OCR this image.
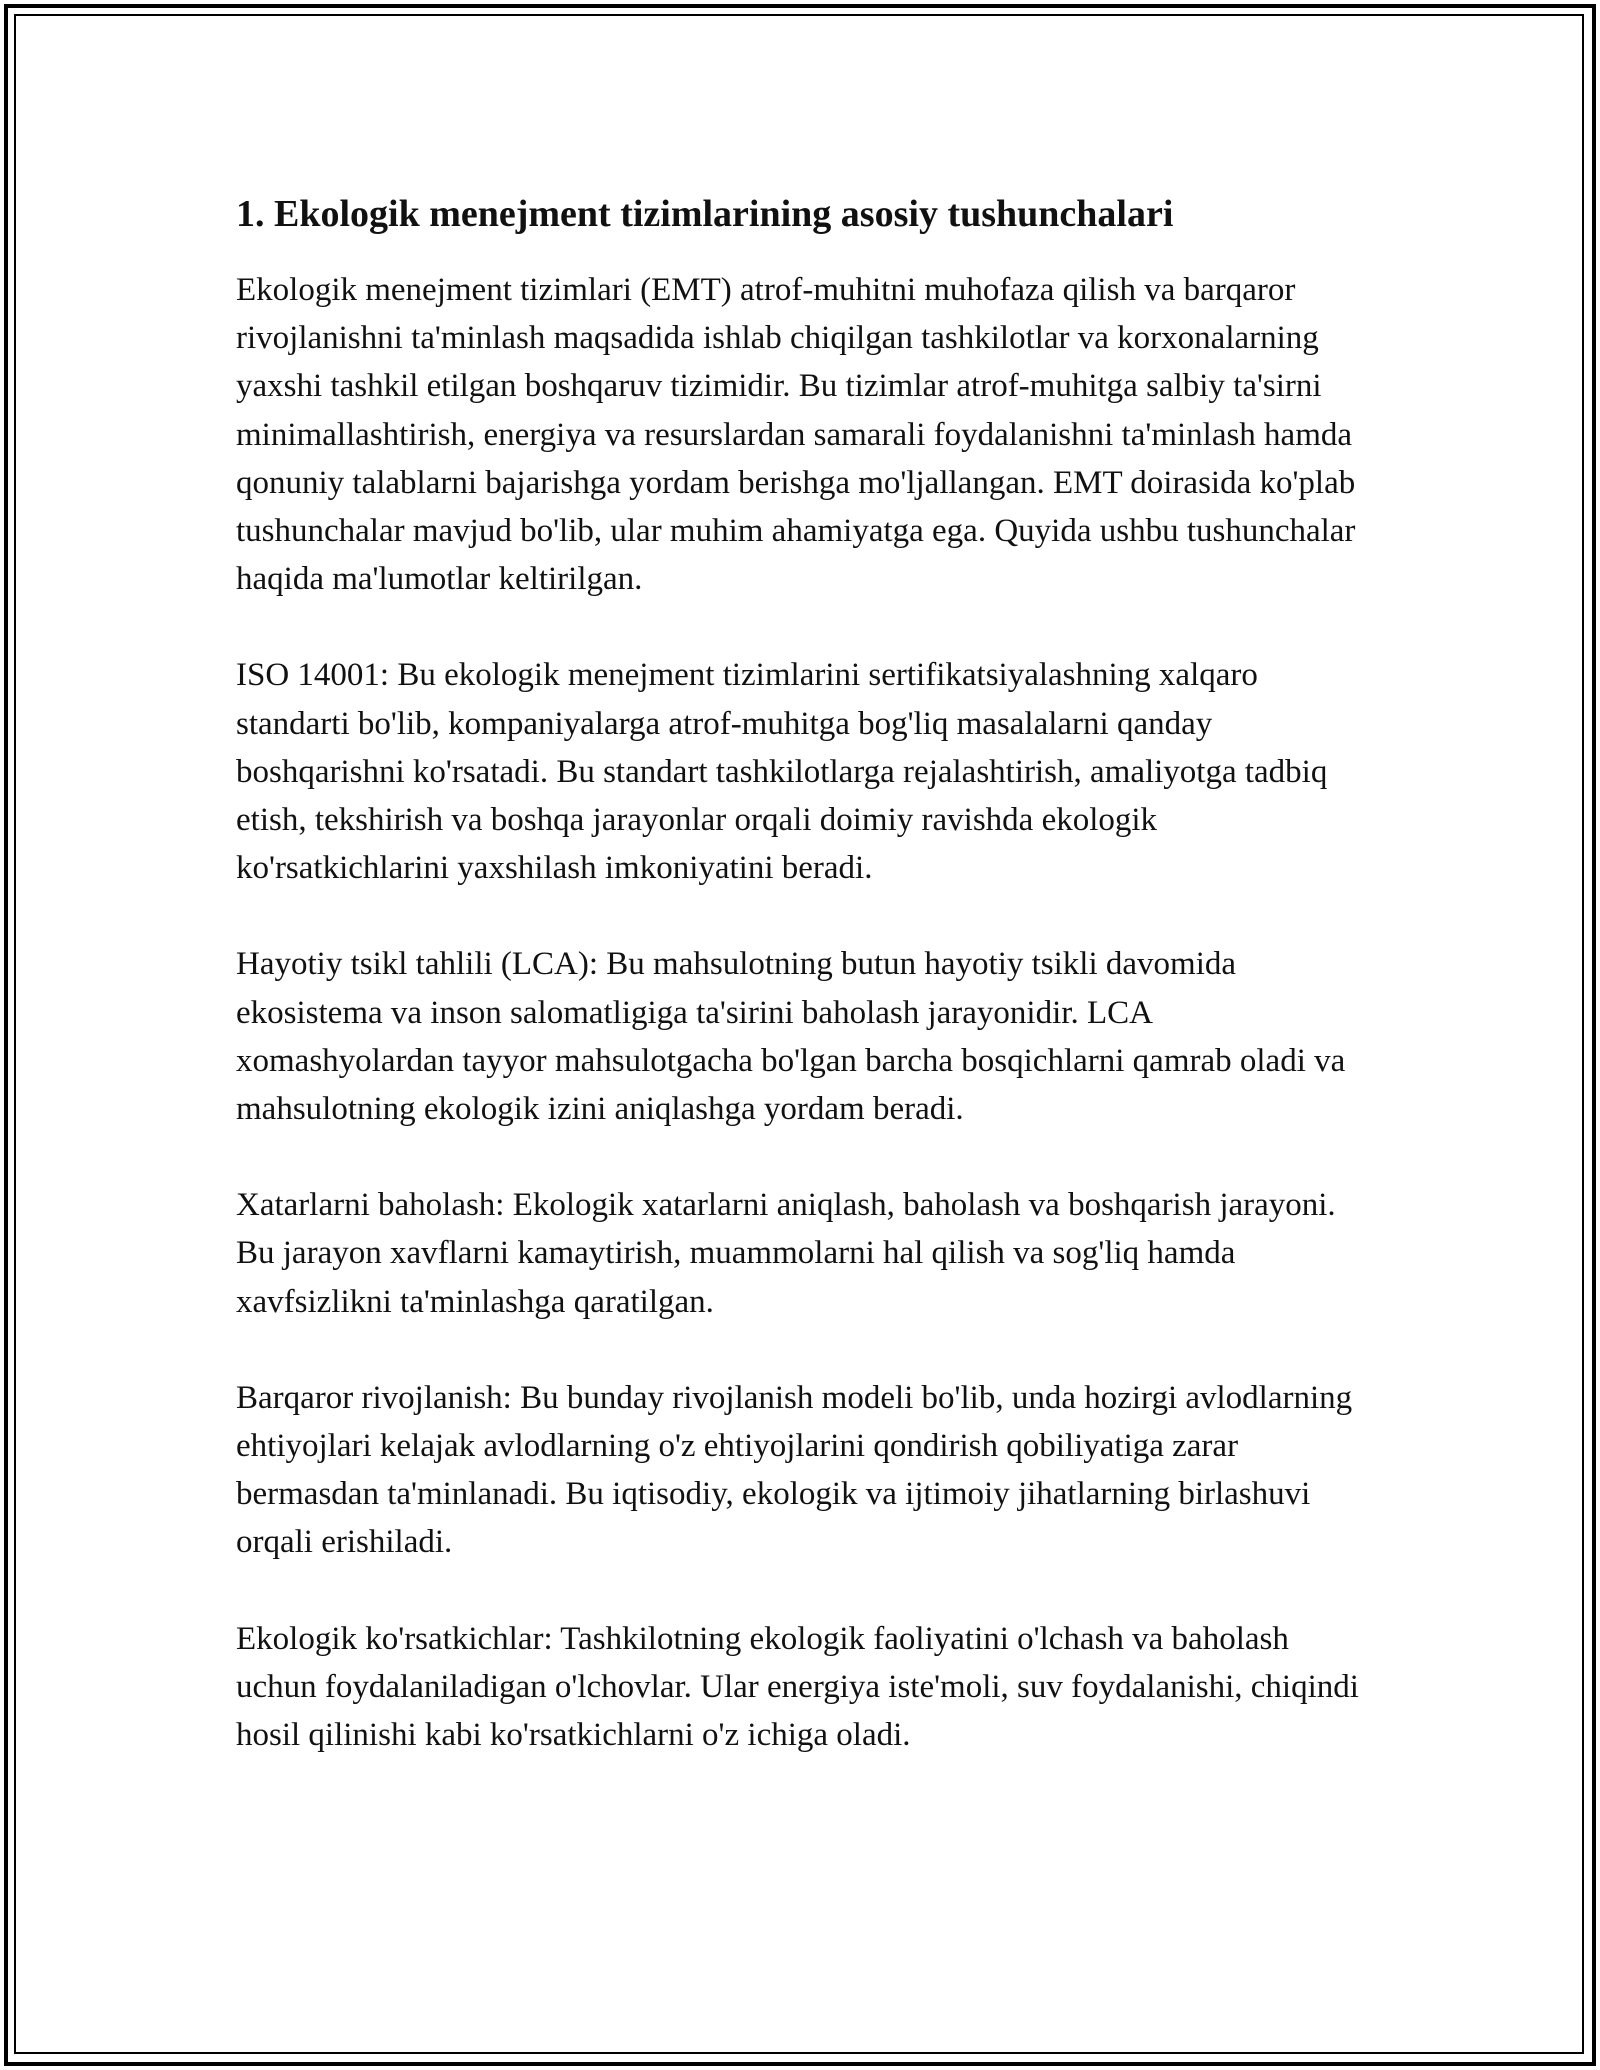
1. Ekologik menejment tizimlarining asosiy tushunchalari

Ekologik menejment tizimlari (EMT) atrof-muhitni muhofaza qilish va barqaror rivojlanishni ta'minlash maqsadida ishlab chiqilgan tashkilotlar va korxonalarning yaxshi tashkil etilgan boshqaruv tizimidir. Bu tizimlar atrof-muhitga salbiy ta'sirni minimallashtirish, energiya va resurslardan samarali foydalanishni ta'minlash hamda qonuniy talablarni bajarishga yordam berishga mo'ljallangan. EMT doirasida ko'plab tushunchalar mavjud bo'lib, ular muhim ahamiyatga ega. Quyida ushbu tushunchalar haqida ma'lumotlar keltirilgan.

ISO 14001: Bu ekologik menejment tizimlarini sertifikatsiyalashning xalqaro standarti bo'lib, kompaniyalarga atrof-muhitga bog'liq masalalarni qanday boshqarishni ko'rsatadi. Bu standart tashkilotlarga rejalashtirish, amaliyotga tadbiq etish, tekshirish va boshqa jarayonlar orqali doimiy ravishda ekologik ko'rsatkichlarini yaxshilash imkoniyatini beradi.

Hayotiy tsikl tahlili (LCA): Bu mahsulotning butun hayotiy tsikli davomida ekosistema va inson salomatligiga ta'sirini baholash jarayonidir. LCA xomashyolardan tayyor mahsulotgacha bo'lgan barcha bosqichlarni qamrab oladi va mahsulotning ekologik izini aniqlashga yordam beradi.

Xatarlarni baholash: Ekologik xatarlarni aniqlash, baholash va boshqarish jarayoni. Bu jarayon xavflarni kamaytirish, muammolarni hal qilish va sog'liq hamda xavfsizlikni ta'minlashga qaratilgan.

Barqaror rivojlanish: Bu bunday rivojlanish modeli bo'lib, unda hozirgi avlodlarning ehtiyojlari kelajak avlodlarning o'z ehtiyojlarini qondirish qobiliyatiga zarar bermasdan ta'minlanadi. Bu iqtisodiy, ekologik va ijtimoiy jihatlarning birlashuvi orqali erishiladi.

Ekologik ko'rsatkichlar: Tashkilotning ekologik faoliyatini o'lchash va baholash uchun foydalaniladigan o'lchovlar. Ular energiya iste'moli, suv foydalanishi, chiqindi hosil qilinishi kabi ko'rsatkichlarni o'z ichiga oladi.
